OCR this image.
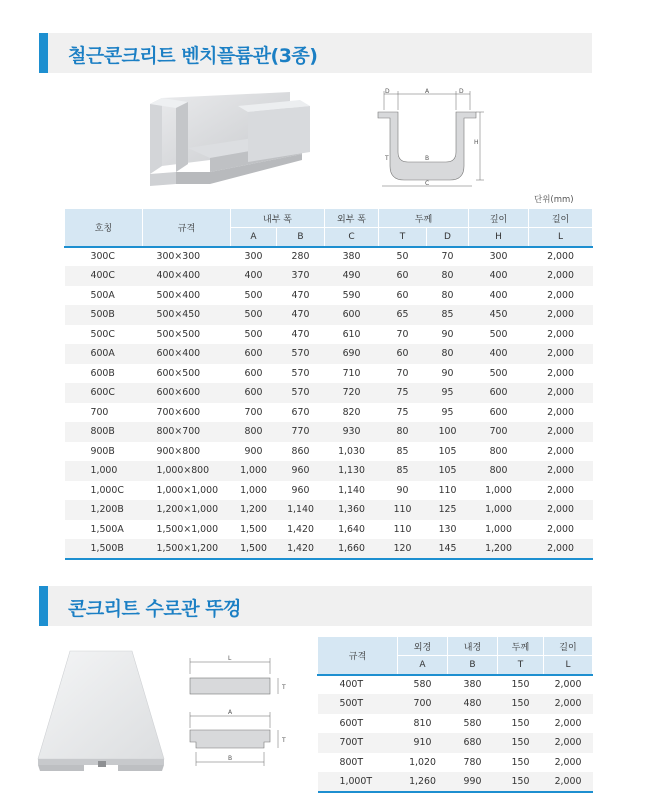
철근콘크리트 벤치플륨관(3종)
D	A	D
H
T	B
C
단위(mm)
호칭	규격	내부 폭		외부 폭	두께		깊이	길이
		A	B	C	T	D	H	L
300C	300×300	300	280	380	50	70	300	2,000
400C	400×400	400	370	490	60	80	400	2,000
500A	500×400	500	470	590	60	80	400	2,000
500B	500×450	500	470	600	65	85	450	2,000
500C	500×500	500	470	610	70	90	500	2,000
600A	600×400	600	570	690	60	80	400	2,000
600B	600×500	600	570	710	70	90	500	2,000
600C	600×600	600	570	720	75	95	600	2,000
700	700×600	700	670	820	75	95	600	2,000
800B	800×700	800	770	930	80	100	700	2,000
900B	900×800	900	860	1,030	85	105	800	2,000
1,000	1,000×800	1,000	960	1,130	85	105	800	2,000
1,000C	1,000×1,000	1,000	960	1,140	90	110	1,000	2,000
1,200B	1,200×1,000	1,200	1,140	1,360	110	125	1,000	2,000
1,500A	1,500×1,000	1,500	1,420	1,640	110	130	1,000	2,000
1,500B	1,500×1,200	1,500	1,420	1,660	120	145	1,200	2,000
콘크리트 수로관 뚜껑
L
T
A
T
B
규격	외경	내경	두께	길이
	A	B	T	L
400T	580	380	150	2,000
500T	700	480	150	2,000
600T	810	580	150	2,000
700T	910	680	150	2,000
800T	1,020	780	150	2,000
1,000T	1,260	990	150	2,000
